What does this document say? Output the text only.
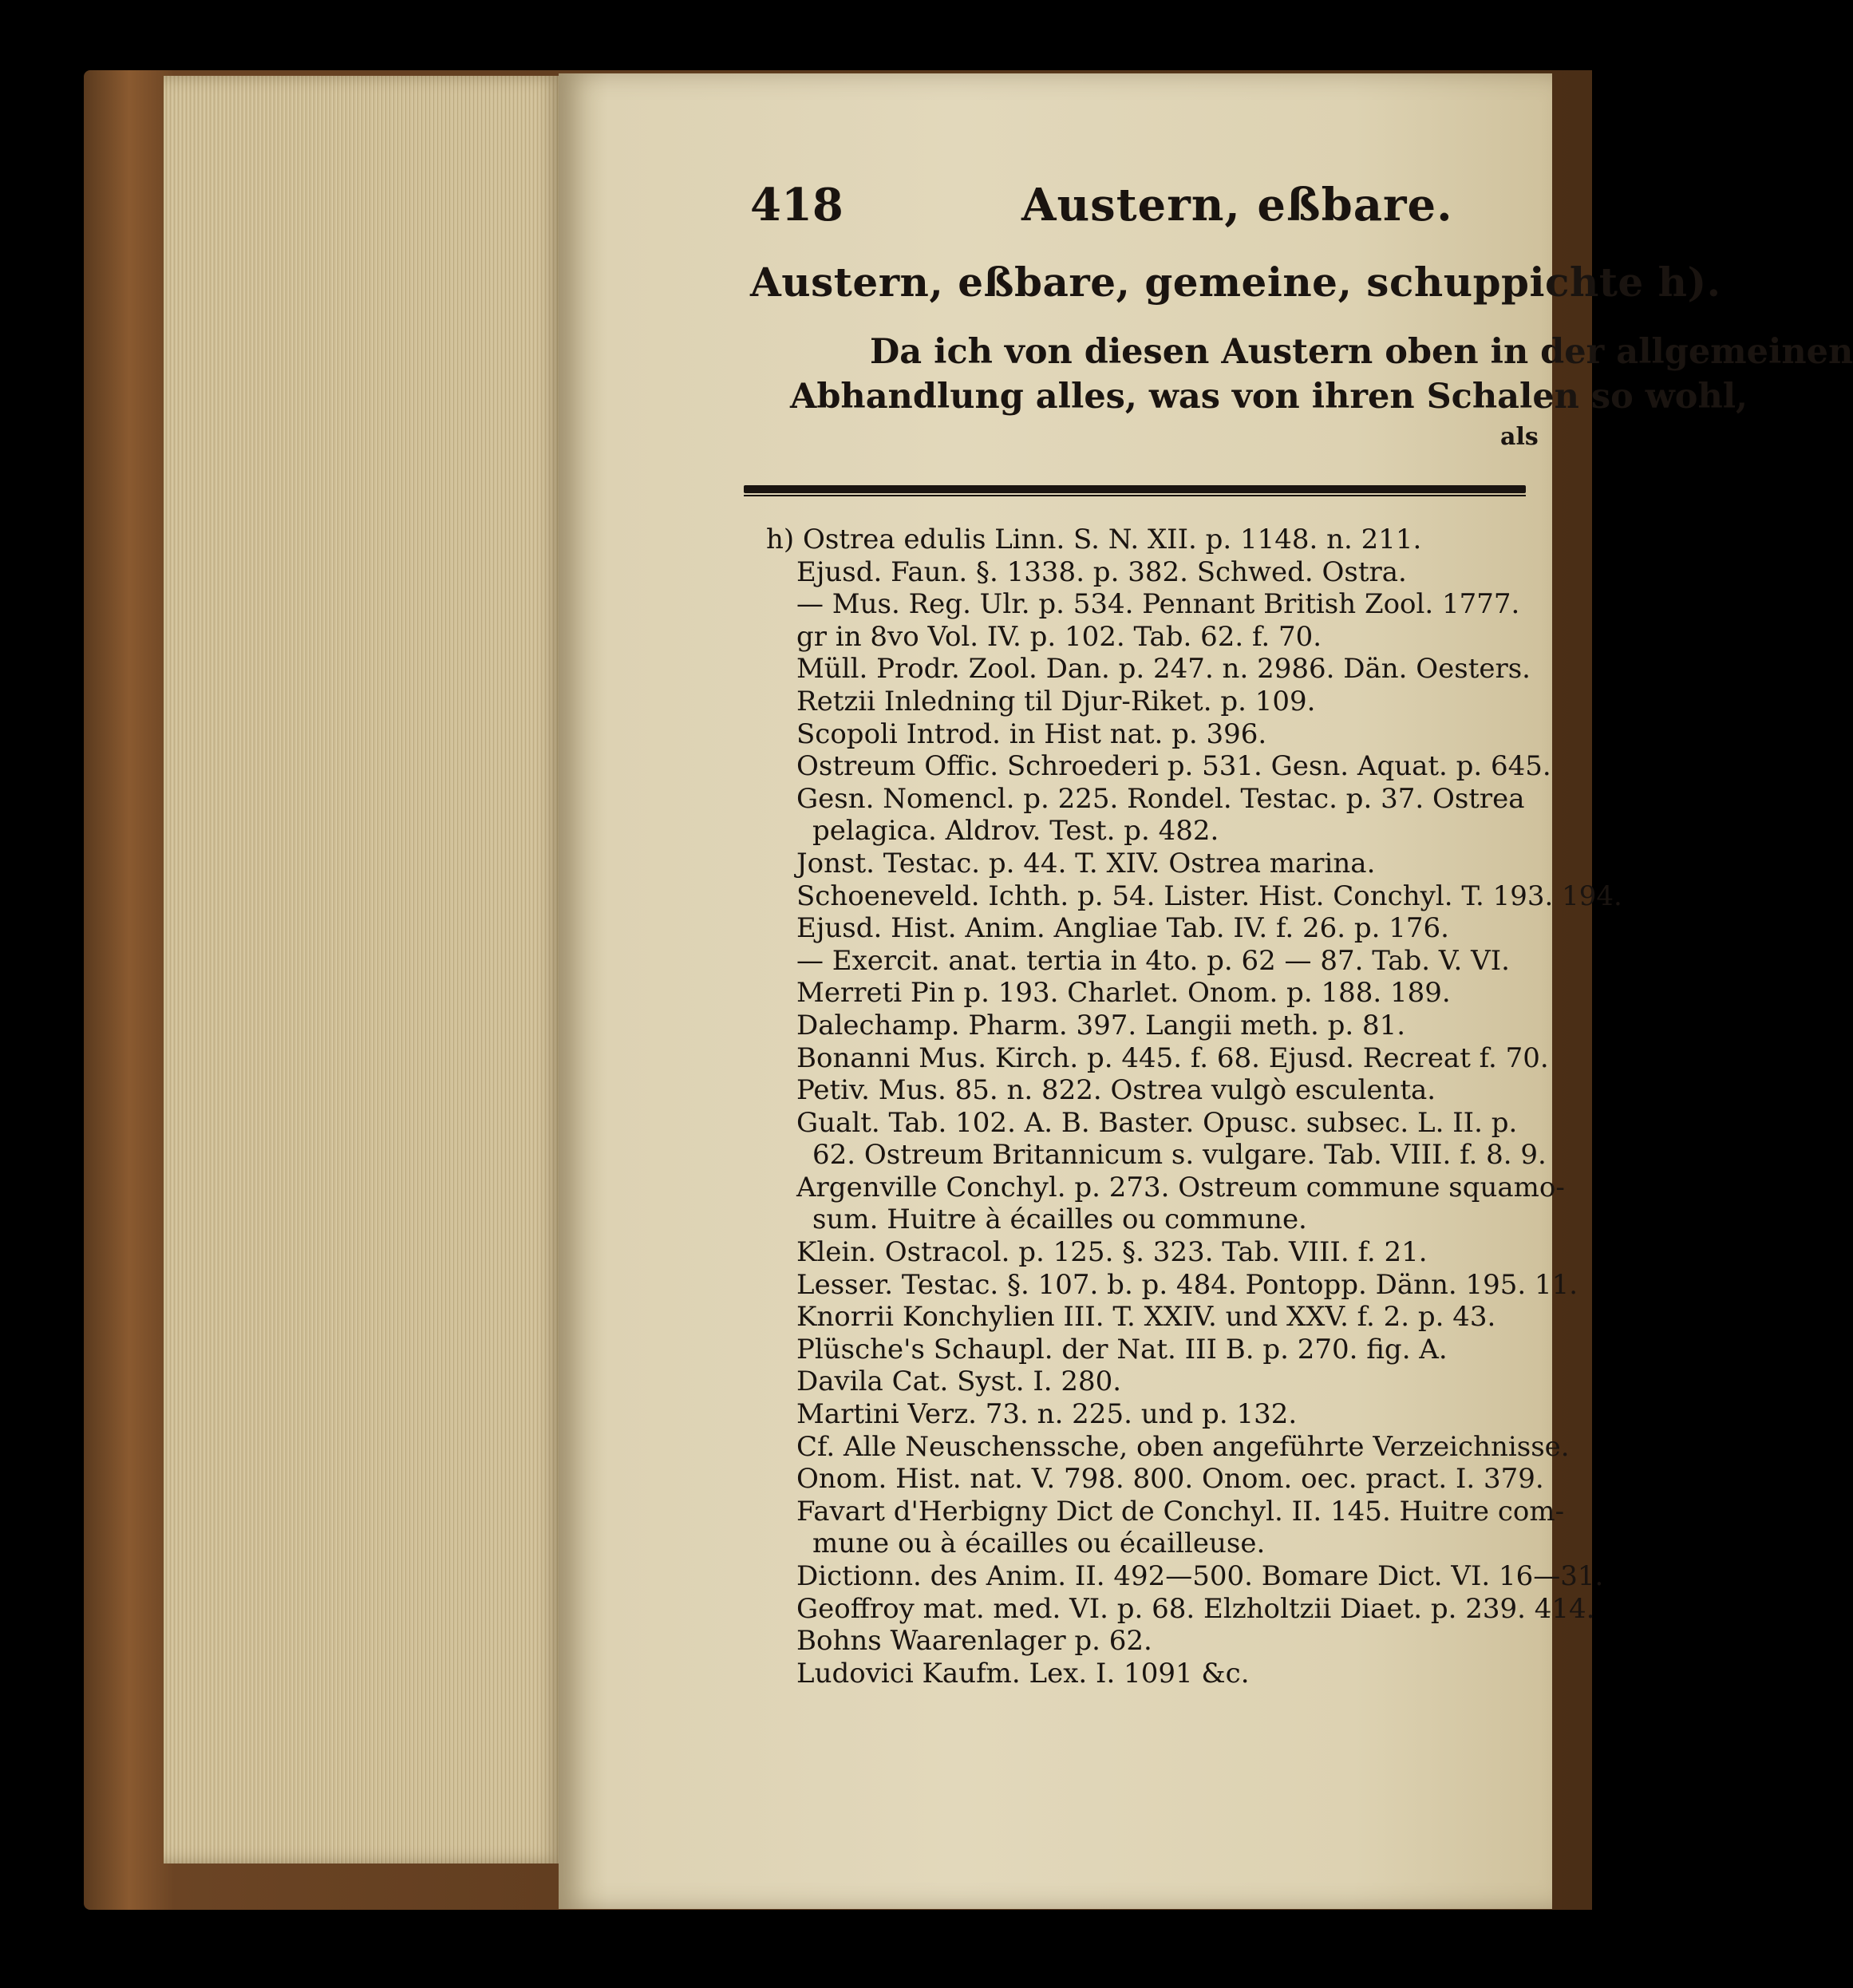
418	Austern, eßbare.
Austern, eßbare, gemeine, schuppichte h).
Da ich von diesen Austern oben in der allgemeinen
Abhandlung alles, was von ihren Schalen so wohl,
als
h) Ostrea edulis Linn. S. N. XII. p. 1148. n. 211.
Ejusd. Faun. §. 1338. p. 382. Schwed. Ostra.
— Mus. Reg. Ulr. p. 534. Pennant British Zool. 1777.
gr in 8vo Vol. IV. p. 102. Tab. 62. f. 70.
Müll. Prodr. Zool. Dan. p. 247. n. 2986. Dän. Oesters.
Retzii Inledning til Djur-Riket. p. 109.
Scopoli Introd. in Hist nat. p. 396.
Ostreum Offic. Schroederi p. 531. Gesn. Aquat. p. 645.
Gesn. Nomencl. p. 225. Rondel. Testac. p. 37. Ostrea
pelagica. Aldrov. Test. p. 482.
Jonst. Testac. p. 44. T. XIV. Ostrea marina.
Schoeneveld. Ichth. p. 54. Lister. Hist. Conchyl. T. 193. 194.
Ejusd. Hist. Anim. Angliae Tab. IV. f. 26. p. 176.
— Exercit. anat. tertia in 4to. p. 62 — 87. Tab. V. VI.
Merreti Pin p. 193. Charlet. Onom. p. 188. 189.
Dalechamp. Pharm. 397. Langii meth. p. 81.
Bonanni Mus. Kirch. p. 445. f. 68. Ejusd. Recreat f. 70.
Petiv. Mus. 85. n. 822. Ostrea vulgò esculenta.
Gualt. Tab. 102. A. B. Baster. Opusc. subsec. L. II. p.
62. Ostreum Britannicum s. vulgare. Tab. VIII. f. 8. 9.
Argenville Conchyl. p. 273. Ostreum commune squamo-
sum. Huitre à écailles ou commune.
Klein. Ostracol. p. 125. §. 323. Tab. VIII. f. 21.
Lesser. Testac. §. 107. b. p. 484. Pontopp. Dänn. 195. 11.
Knorrii Konchylien III. T. XXIV. und XXV. f. 2. p. 43.
Plüsche's Schaupl. der Nat. III B. p. 270. fig. A.
Davila Cat. Syst. I. 280.
Martini Verz. 73. n. 225. und p. 132.
Cf. Alle Neuschenssche, oben angeführte Verzeichnisse.
Onom. Hist. nat. V. 798. 800. Onom. oec. pract. I. 379.
Favart d'Herbigny Dict de Conchyl. II. 145. Huitre com-
mune ou à écailles ou écailleuse.
Dictionn. des Anim. II. 492—500. Bomare Dict. VI. 16—31.
Geoffroy mat. med. VI. p. 68. Elzholtzii Diaet. p. 239. 414.
Bohns Waarenlager p. 62.
Ludovici Kaufm. Lex. I. 1091 &c.
